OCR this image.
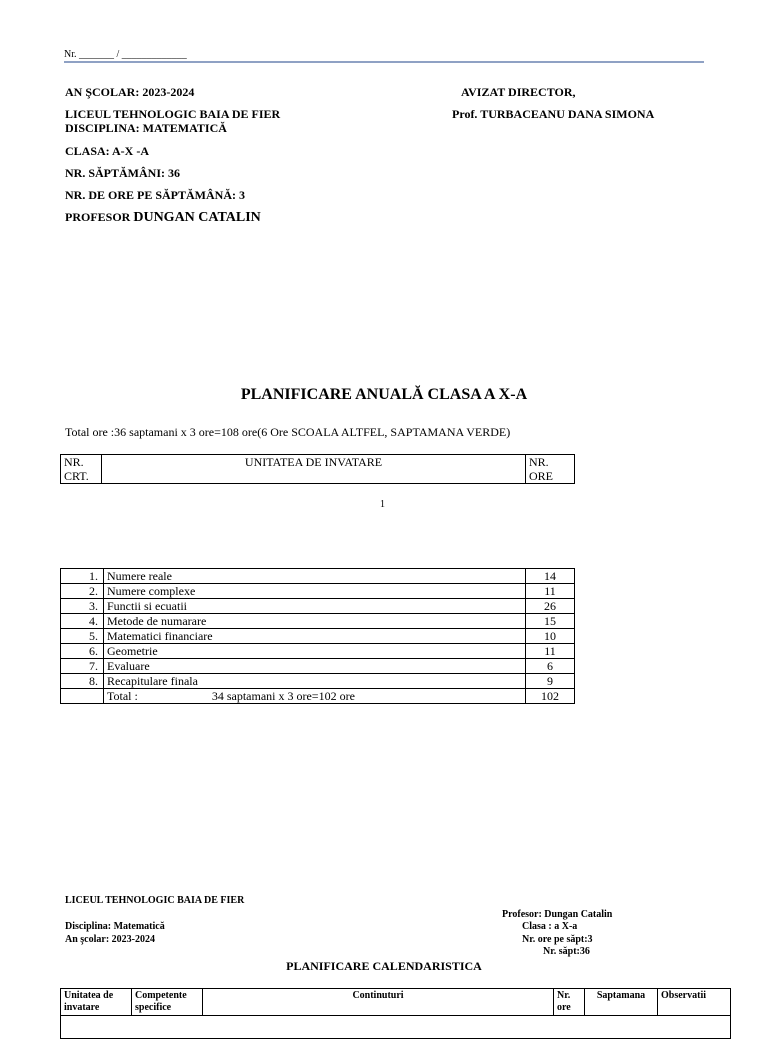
Nr. _______ / _____________
AN ŞCOLAR: 2023-2024
LICEUL TEHNOLOGIC BAIA DE FIER
DISCIPLINA: MATEMATICĂ
CLASA: A-X -A
NR. SĂPTĂMÂNI: 36
NR. DE ORE PE SĂPTĂMÂNĂ: 3
PROFESOR DUNGAN CATALIN
AVIZAT DIRECTOR,
Prof. TURBACEANU DANA SIMONA
PLANIFICARE ANUALĂ CLASA A X-A
Total ore :36 saptamani x 3 ore=108 ore(6 Ore SCOALA ALTFEL, SAPTAMANA VERDE)
NR. CRT.	UNITATEA DE INVATARE	NR. ORE
1
1.	Numere reale	14
2.	Numere complexe	11
3.	Functii si ecuatii	26
4.	Metode de numarare	15
5.	Matematici financiare	10
6.	Geometrie	11
7.	Evaluare	6
8.	Recapitulare finala	9
	Total : 34 saptamani x 3 ore=102 ore	102
LICEUL TEHNOLOGIC BAIA DE FIER
Disciplina: Matematică
An şcolar: 2023-2024
Profesor: Dungan Catalin
Clasa : a X-a
Nr. ore pe săpt:3
Nr. săpt:36
PLANIFICARE CALENDARISTICA
Unitatea de invatare	Competente specifice	Continuturi	Nr. ore	Saptamana	Observatii
